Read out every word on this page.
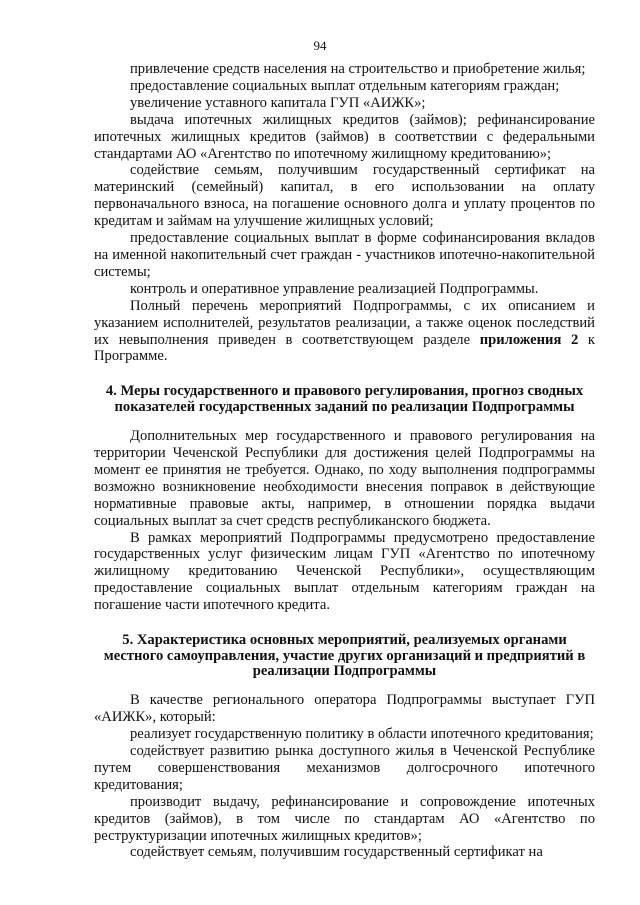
94

привлечение средств населения на строительство и приобретение жилья;

предоставление социальных выплат отдельным категориям граждан;

увеличение уставного капитала ГУП «АИЖК»;

выдача ипотечных жилищных кредитов (займов); рефинансирование ипотечных жилищных кредитов (займов) в соответствии с федеральными стандартами АО «Агентство по ипотечному жилищному кредитованию»;

содействие семьям, получившим государственный сертификат на материнский (семейный) капитал, в его использовании на оплату первоначального взноса, на погашение основного долга и уплату процентов по кредитам и займам на улучшение жилищных условий;

предоставление социальных выплат в форме софинансирования вкладов на именной накопительный счет граждан - участников ипотечно-накопительной системы;

контроль и оперативное управление реализацией Подпрограммы.

Полный перечень мероприятий Подпрограммы, с их описанием и указанием исполнителей, результатов реализации, а также оценок последствий их невыполнения приведен в соответствующем разделе приложения 2 к Программе.

4. Меры государственного и правового регулирования, прогноз сводных показателей государственных заданий по реализации Подпрограммы

Дополнительных мер государственного и правового регулирования на территории Чеченской Республики для достижения целей Подпрограммы на момент ее принятия не требуется. Однако, по ходу выполнения подпрограммы возможно возникновение необходимости внесения поправок в действующие нормативные правовые акты, например, в отношении порядка выдачи социальных выплат за счет средств республиканского бюджета.

В рамках мероприятий Подпрограммы предусмотрено предоставление государственных услуг физическим лицам ГУП «Агентство по ипотечному жилищному кредитованию Чеченской Республики», осуществляющим предоставление социальных выплат отдельным категориям граждан на погашение части ипотечного кредита.

5. Характеристика основных мероприятий, реализуемых органами местного самоуправления, участие других организаций и предприятий в реализации Подпрограммы

В качестве регионального оператора Подпрограммы выступает ГУП «АИЖК», который:

реализует государственную политику в области ипотечного кредитования;

содействует развитию рынка доступного жилья в Чеченской Республике путем совершенствования механизмов долгосрочного ипотечного кредитования;

производит выдачу, рефинансирование и сопровождение ипотечных кредитов (займов), в том числе по стандартам АО «Агентство по реструктуризации ипотечных жилищных кредитов»;

содействует семьям, получившим государственный сертификат на
